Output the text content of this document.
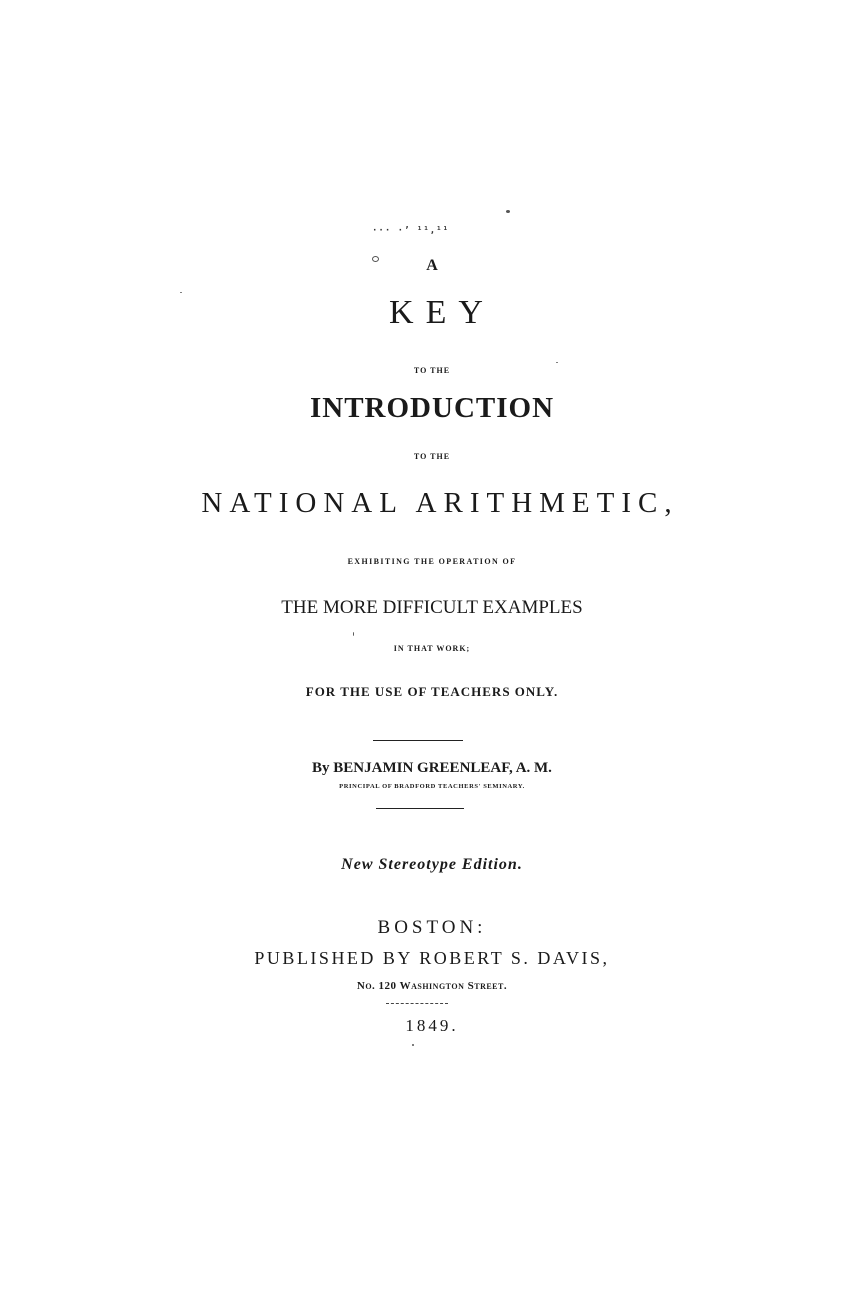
··· ·’ ¹¹,¹¹
A
KEY
TO THE
INTRODUCTION
TO THE
NATIONAL ARITHMETIC,
EXHIBITING THE OPERATION OF
THE MORE DIFFICULT EXAMPLES
IN THAT WORK;
FOR THE USE OF TEACHERS ONLY.
By BENJAMIN GREENLEAF, A. M.
PRINCIPAL OF BRADFORD TEACHERS' SEMINARY.
New Stereotype Edition.
BOSTON:
PUBLISHED BY ROBERT S. DAVIS,
No. 120 Washington Street.
1849.
